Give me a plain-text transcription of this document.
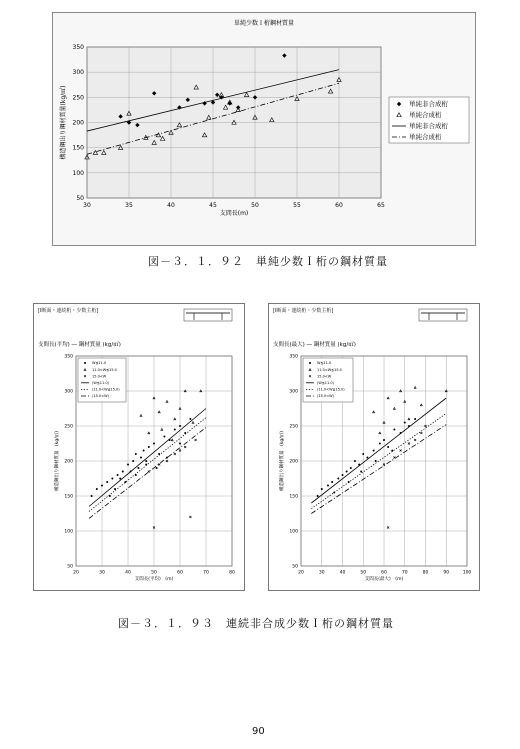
30	35	40	45	50	55	60	65
50
100
150
200
250
300
350
単純少数Ｉ桁鋼材質量
支間長(m)
構造鋼出り鋼材質量(kg/㎡)	単純非合成桁
単純合成桁
単純非合成桁
単純合成桁
図－３．１．９２　単純少数Ｉ桁の鋼材質量
[Ⅰ断面・連続桁・少数主桁]
20	30	40	50	60	70	80
50
100
150
200
250
300
350
支間長(平均) ― 鋼材質量 (kg/㎡)
支間長(平均)　(m)
構造鋼出り鋼材質量　(kg/㎡)
W≦11.0
11.0<W≦15.0
15.0<W
(W≦11.0)
(11.0<W≦15.0)
(15.0<W)
[Ⅰ断面・連続桁・少数主桁]
20	30	40	50	60	70	80	90	100
50
100
150
200
250
300
350
支間長(最大) ― 鋼材質量 (kg/㎡)
支間長(最大)　(m)
構造鋼出り鋼材質量　(kg/㎡)
W≦11.0
11.0<W≦15.0
15.0<W
(W≦11.0)
(11.0<W≦15.0)
(15.0<W)
図－３．１．９３　連続非合成少数Ｉ桁の鋼材質量
90
